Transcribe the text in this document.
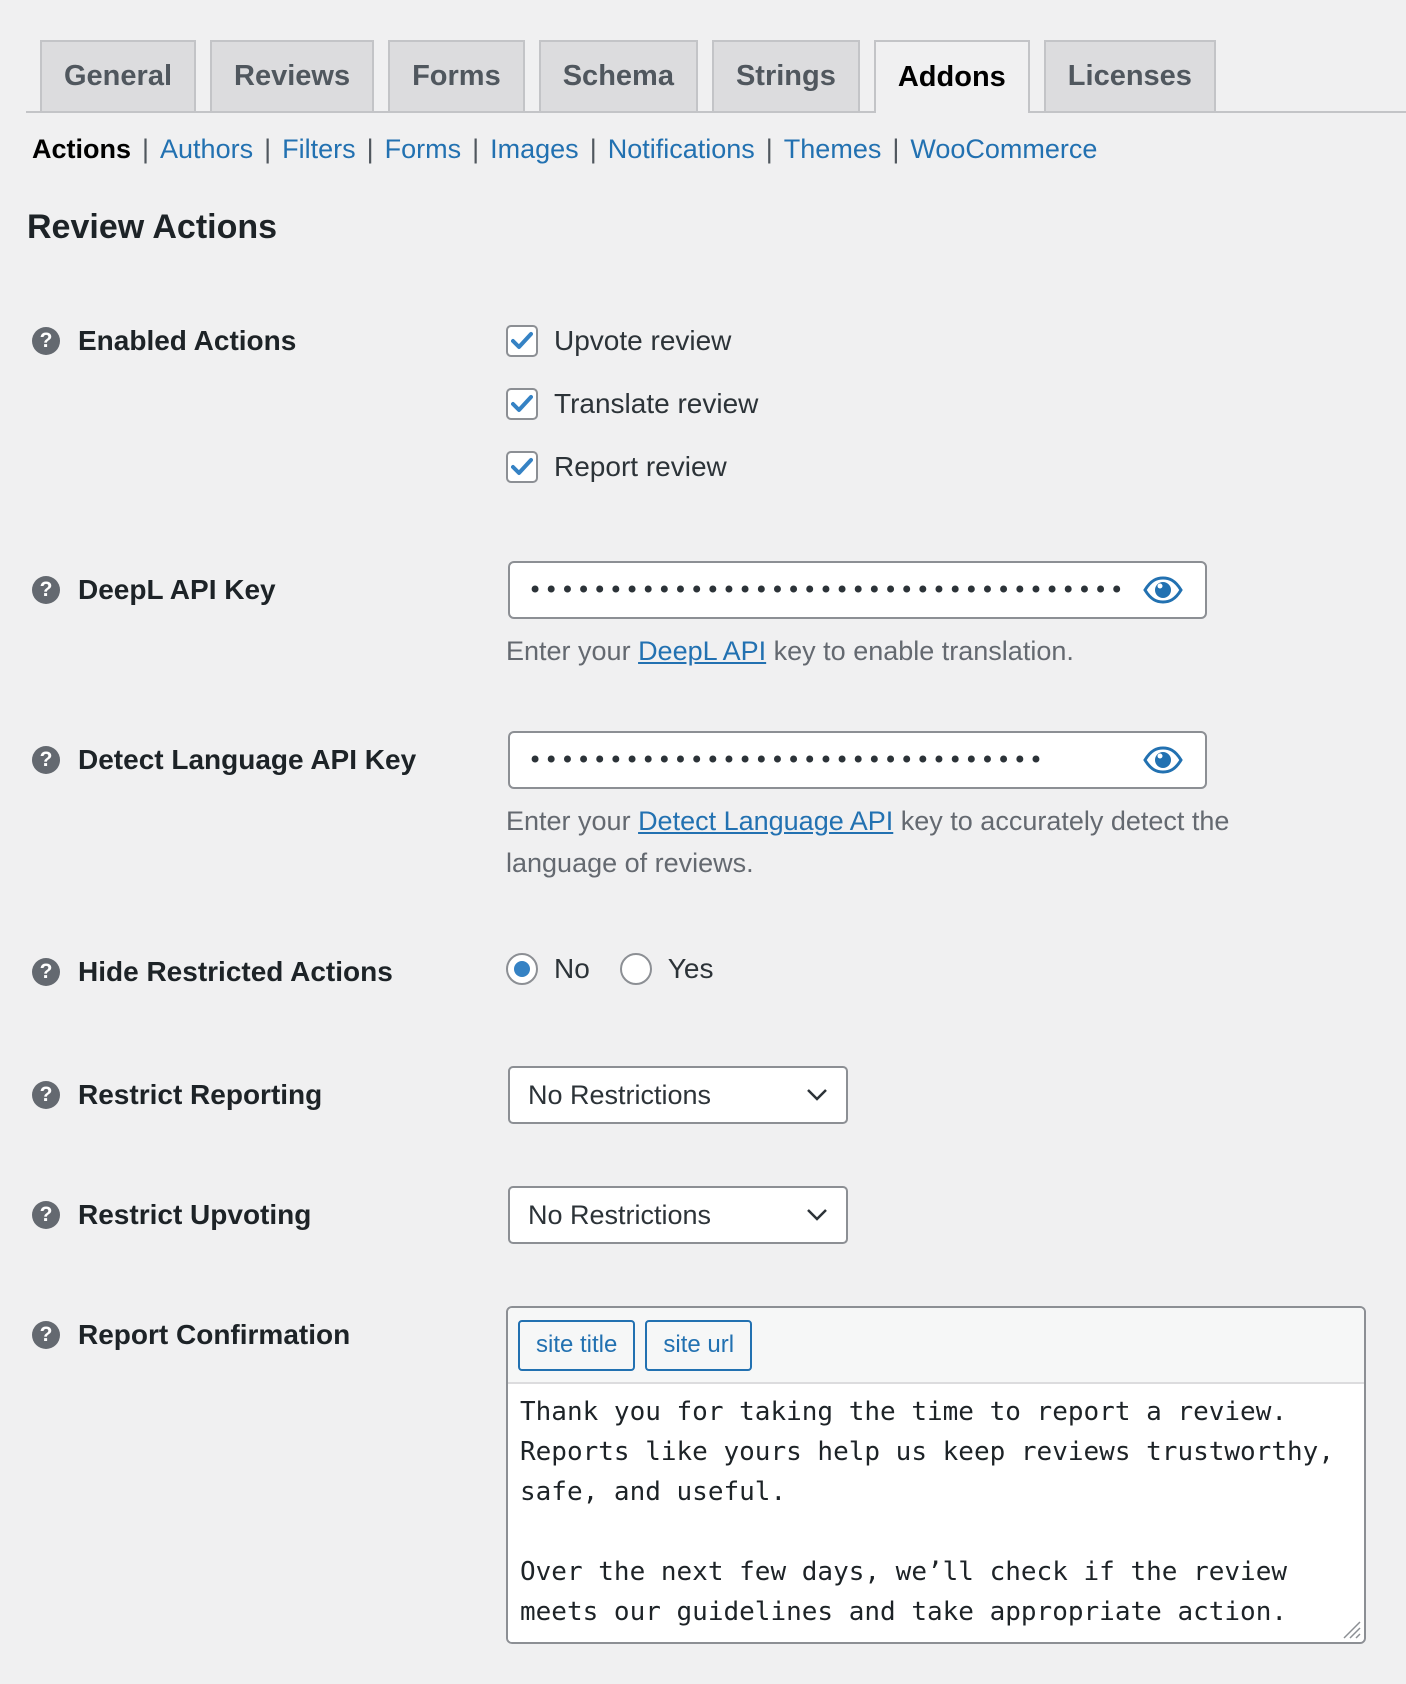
General	Reviews	Forms	Schema	Strings	Addons	Licenses
Actions | Authors | Filters | Forms | Images | Notifications | Themes | WooCommerce
Review Actions
? Enabled Actions	Upvote review
Translate review
Report review
? DeepL API Key
••••••••••••••••••••••••••••••••••••••••
Enter your DeepL API key to enable translation.
? Detect Language API Key
••••••••••••••••••••••••••••••••
Enter your Detect Language API key to accurately detect the language of reviews.
? Hide Restricted Actions	No	Yes
? Restrict Reporting	No Restrictions
? Restrict Upvoting	No Restrictions
? Report Confirmation	site title	site url
Thank you for taking the time to report a review. Reports like yours help us keep reviews trustworthy, safe, and useful. Over the next few days, we’ll check if the review meets our guidelines and take appropriate action.
